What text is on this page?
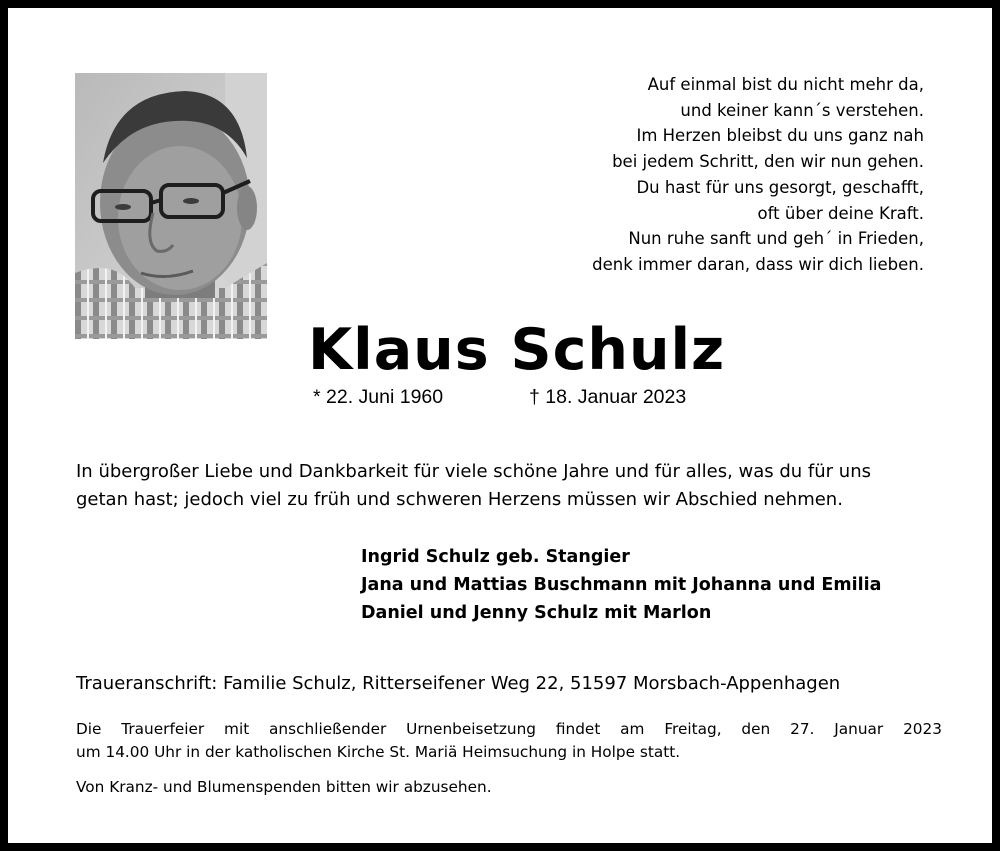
Auf einmal bist du nicht mehr da,
und keiner kann´s verstehen.
Im Herzen bleibst du uns ganz nah
bei jedem Schritt, den wir nun gehen.
Du hast für uns gesorgt, geschafft,
oft über deine Kraft.
Nun ruhe sanft und geh´ in Frieden,
denk immer daran, dass wir dich lieben.
Klaus Schulz
* 22. Juni 1960	† 18. Januar 2023
In übergroßer Liebe und Dankbarkeit für viele schöne Jahre und für alles, was du für uns
getan hast; jedoch viel zu früh und schweren Herzens müssen wir Abschied nehmen.
Ingrid Schulz geb. Stangier
Jana und Mattias Buschmann mit Johanna und Emilia
Daniel und Jenny Schulz mit Marlon
Traueranschrift: Familie Schulz, Ritterseifener Weg 22, 51597 Morsbach-Appenhagen
Die Trauerfeier mit anschließender Urnenbeisetzung findet am Freitag, den 27. Januar 2023
um 14.00 Uhr in der katholischen Kirche St. Mariä Heimsuchung in Holpe statt.
Von Kranz- und Blumenspenden bitten wir abzusehen.
